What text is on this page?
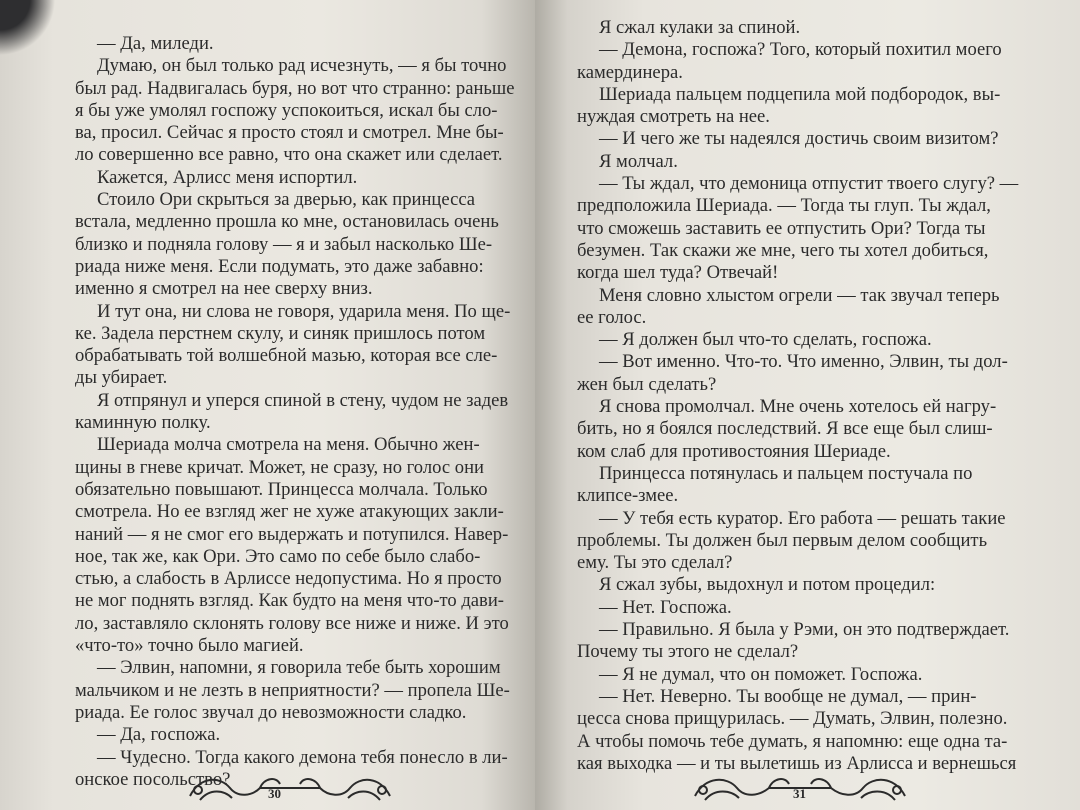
— Да, миледи.
Думаю, он был только рад исчезнуть, — я бы точно
был рад. Надвигалась буря, но вот что странно: раньше
я бы уже умолял госпожу успокоиться, искал бы сло-
ва, просил. Сейчас я просто стоял и смотрел. Мне бы-
ло совершенно все равно, что она скажет или сделает.
Кажется, Арлисс меня испортил.
Стоило Ори скрыться за дверью, как принцесса
встала, медленно прошла ко мне, остановилась очень
близко и подняла голову — я и забыл насколько Ше-
риада ниже меня. Если подумать, это даже забавно:
именно я смотрел на нее сверху вниз.
И тут она, ни слова не говоря, ударила меня. По ще-
ке. Задела перстнем скулу, и синяк пришлось потом
обрабатывать той волшебной мазью, которая все сле-
ды убирает.
Я отпрянул и уперся спиной в стену, чудом не задев
каминную полку.
Шериада молча смотрела на меня. Обычно жен-
щины в гневе кричат. Может, не сразу, но голос они
обязательно повышают. Принцесса молчала. Только
смотрела. Но ее взгляд жег не хуже атакующих закли-
наний — я не смог его выдержать и потупился. Навер-
ное, так же, как Ори. Это само по себе было слабо-
стью, а слабость в Арлиссе недопустима. Но я просто
не мог поднять взгляд. Как будто на меня что-то дави-
ло, заставляло склонять голову все ниже и ниже. И это
«что-то» точно было магией.
— Элвин, напомни, я говорила тебе быть хорошим
мальчиком и не лезть в неприятности? — пропела Ше-
риада. Ее голос звучал до невозможности сладко.
— Да, госпожа.
— Чудесно. Тогда какого демона тебя понесло в ли-
онское посольство?
30
Я сжал кулаки за спиной.
— Демона, госпожа? Того, который похитил моего
камердинера.
Шериада пальцем подцепила мой подбородок, вы-
нуждая смотреть на нее.
— И чего же ты надеялся достичь своим визитом?
Я молчал.
— Ты ждал, что демоница отпустит твоего слугу? —
предположила Шериада. — Тогда ты глуп. Ты ждал,
что сможешь заставить ее отпустить Ори? Тогда ты
безумен. Так скажи же мне, чего ты хотел добиться,
когда шел туда? Отвечай!
Меня словно хлыстом огрели — так звучал теперь
ее голос.
— Я должен был что-то сделать, госпожа.
— Вот именно. Что-то. Что именно, Элвин, ты дол-
жен был сделать?
Я снова промолчал. Мне очень хотелось ей нагру-
бить, но я боялся последствий. Я все еще был слиш-
ком слаб для противостояния Шериаде.
Принцесса потянулась и пальцем постучала по
клипсе-змее.
— У тебя есть куратор. Его работа — решать такие
проблемы. Ты должен был первым делом сообщить
ему. Ты это сделал?
Я сжал зубы, выдохнул и потом процедил:
— Нет. Госпожа.
— Правильно. Я была у Рэми, он это подтверждает.
Почему ты этого не сделал?
— Я не думал, что он поможет. Госпожа.
— Нет. Неверно. Ты вообще не думал, — прин-
цесса снова прищурилась. — Думать, Элвин, полезно.
А чтобы помочь тебе думать, я напомню: еще одна та-
кая выходка — и ты вылетишь из Арлисса и вернешься
31
